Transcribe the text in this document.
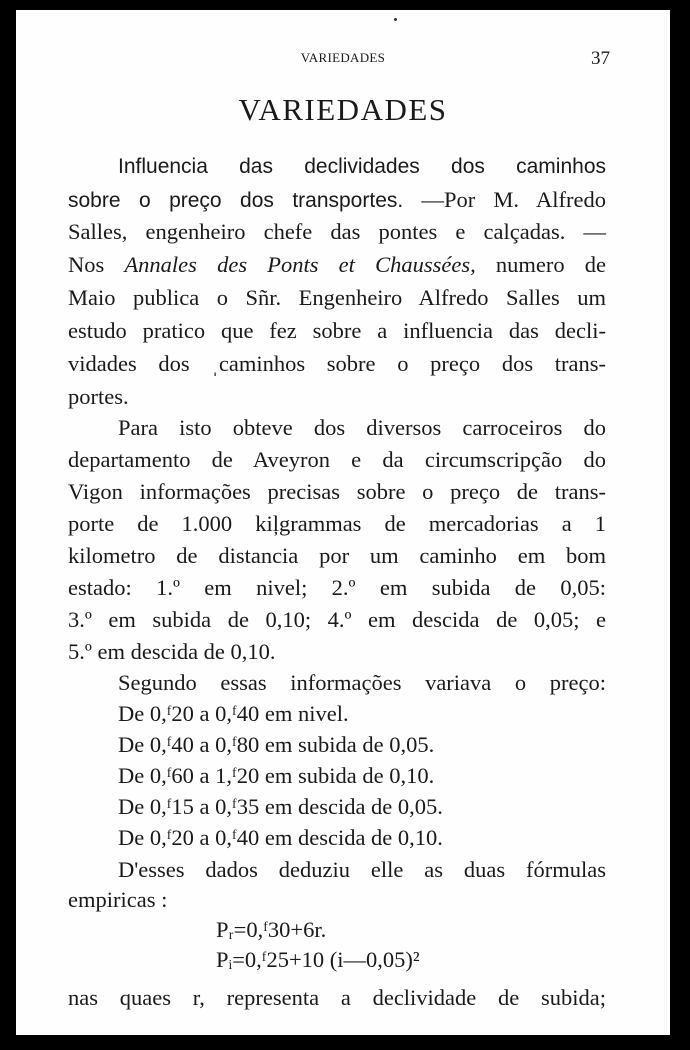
VARIEDADES	37
VARIEDADES
Influencia das declividades dos caminhos
sobre o preço dos transportes. —Por M. Alfredo
Salles, engenheiro chefe das pontes e calçadas. —
Nos Annales des Ponts et Chaussées, numero de
Maio publica o Sñr. Engenheiro Alfredo Salles um
estudo pratico que fez sobre a influencia das decli-
vidades dos ˌcaminhos sobre o preço dos trans-
portes.
Para isto obteve dos diversos carroceiros do
departamento de Aveyron e da circumscripção do
Vigon informações precisas sobre o preço de trans-
porte de 1.000 kiļgrammas de mercadorias a 1
kilometro de distancia por um caminho em bom
estado: 1.º em nivel; 2.º em subida de 0,05:
3.º em subida de 0,10; 4.º em descida de 0,05; e
5.º em descida de 0,10.
Segundo essas informações variava o preço:
De 0,ᶠ20 a 0,ᶠ40 em nivel.
De 0,ᶠ40 a 0,ᶠ80 em subida de 0,05.
De 0,ᶠ60 a 1,ᶠ20 em subida de 0,10.
De 0,ᶠ15 a 0,ᶠ35 em descida de 0,05.
De 0,ᶠ20 a 0,ᶠ40 em descida de 0,10.
D'esses dados deduziu elle as duas fórmulas
empiricas :
Pᵣ=0,ᶠ30+6r.
Pᵢ=0,ᶠ25+10 (i—0,05)²
nas quaes r, representa a declividade de subida;
